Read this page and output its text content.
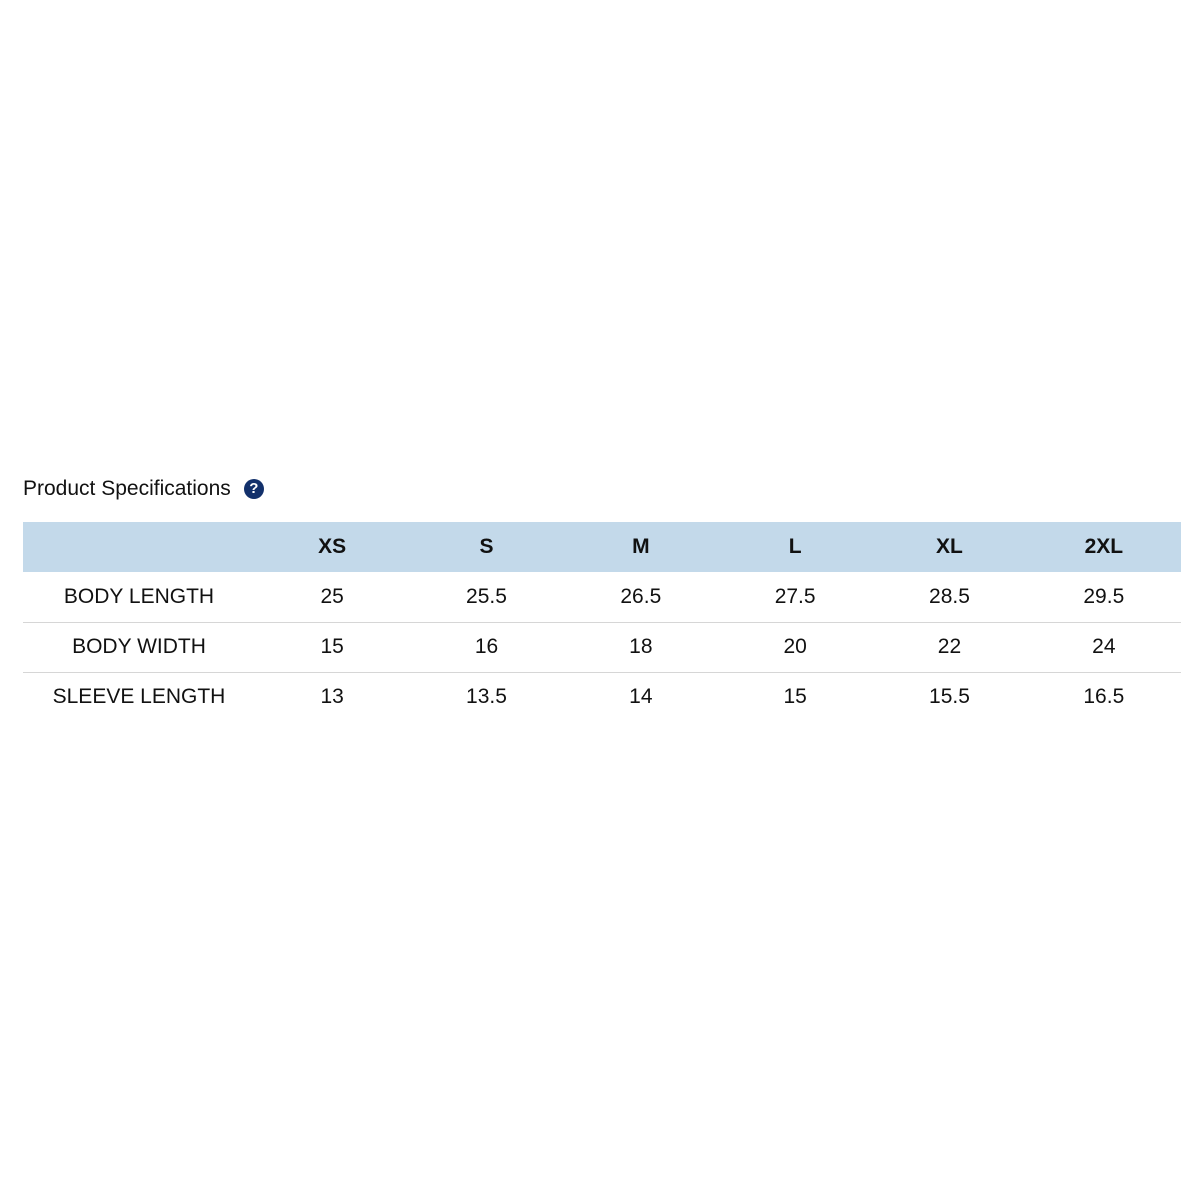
Product Specifications	?
	XS	S	M	L	XL	2XL
BODY LENGTH	25	25.5	26.5	27.5	28.5	29.5
BODY WIDTH	15	16	18	20	22	24
SLEEVE LENGTH	13	13.5	14	15	15.5	16.5
